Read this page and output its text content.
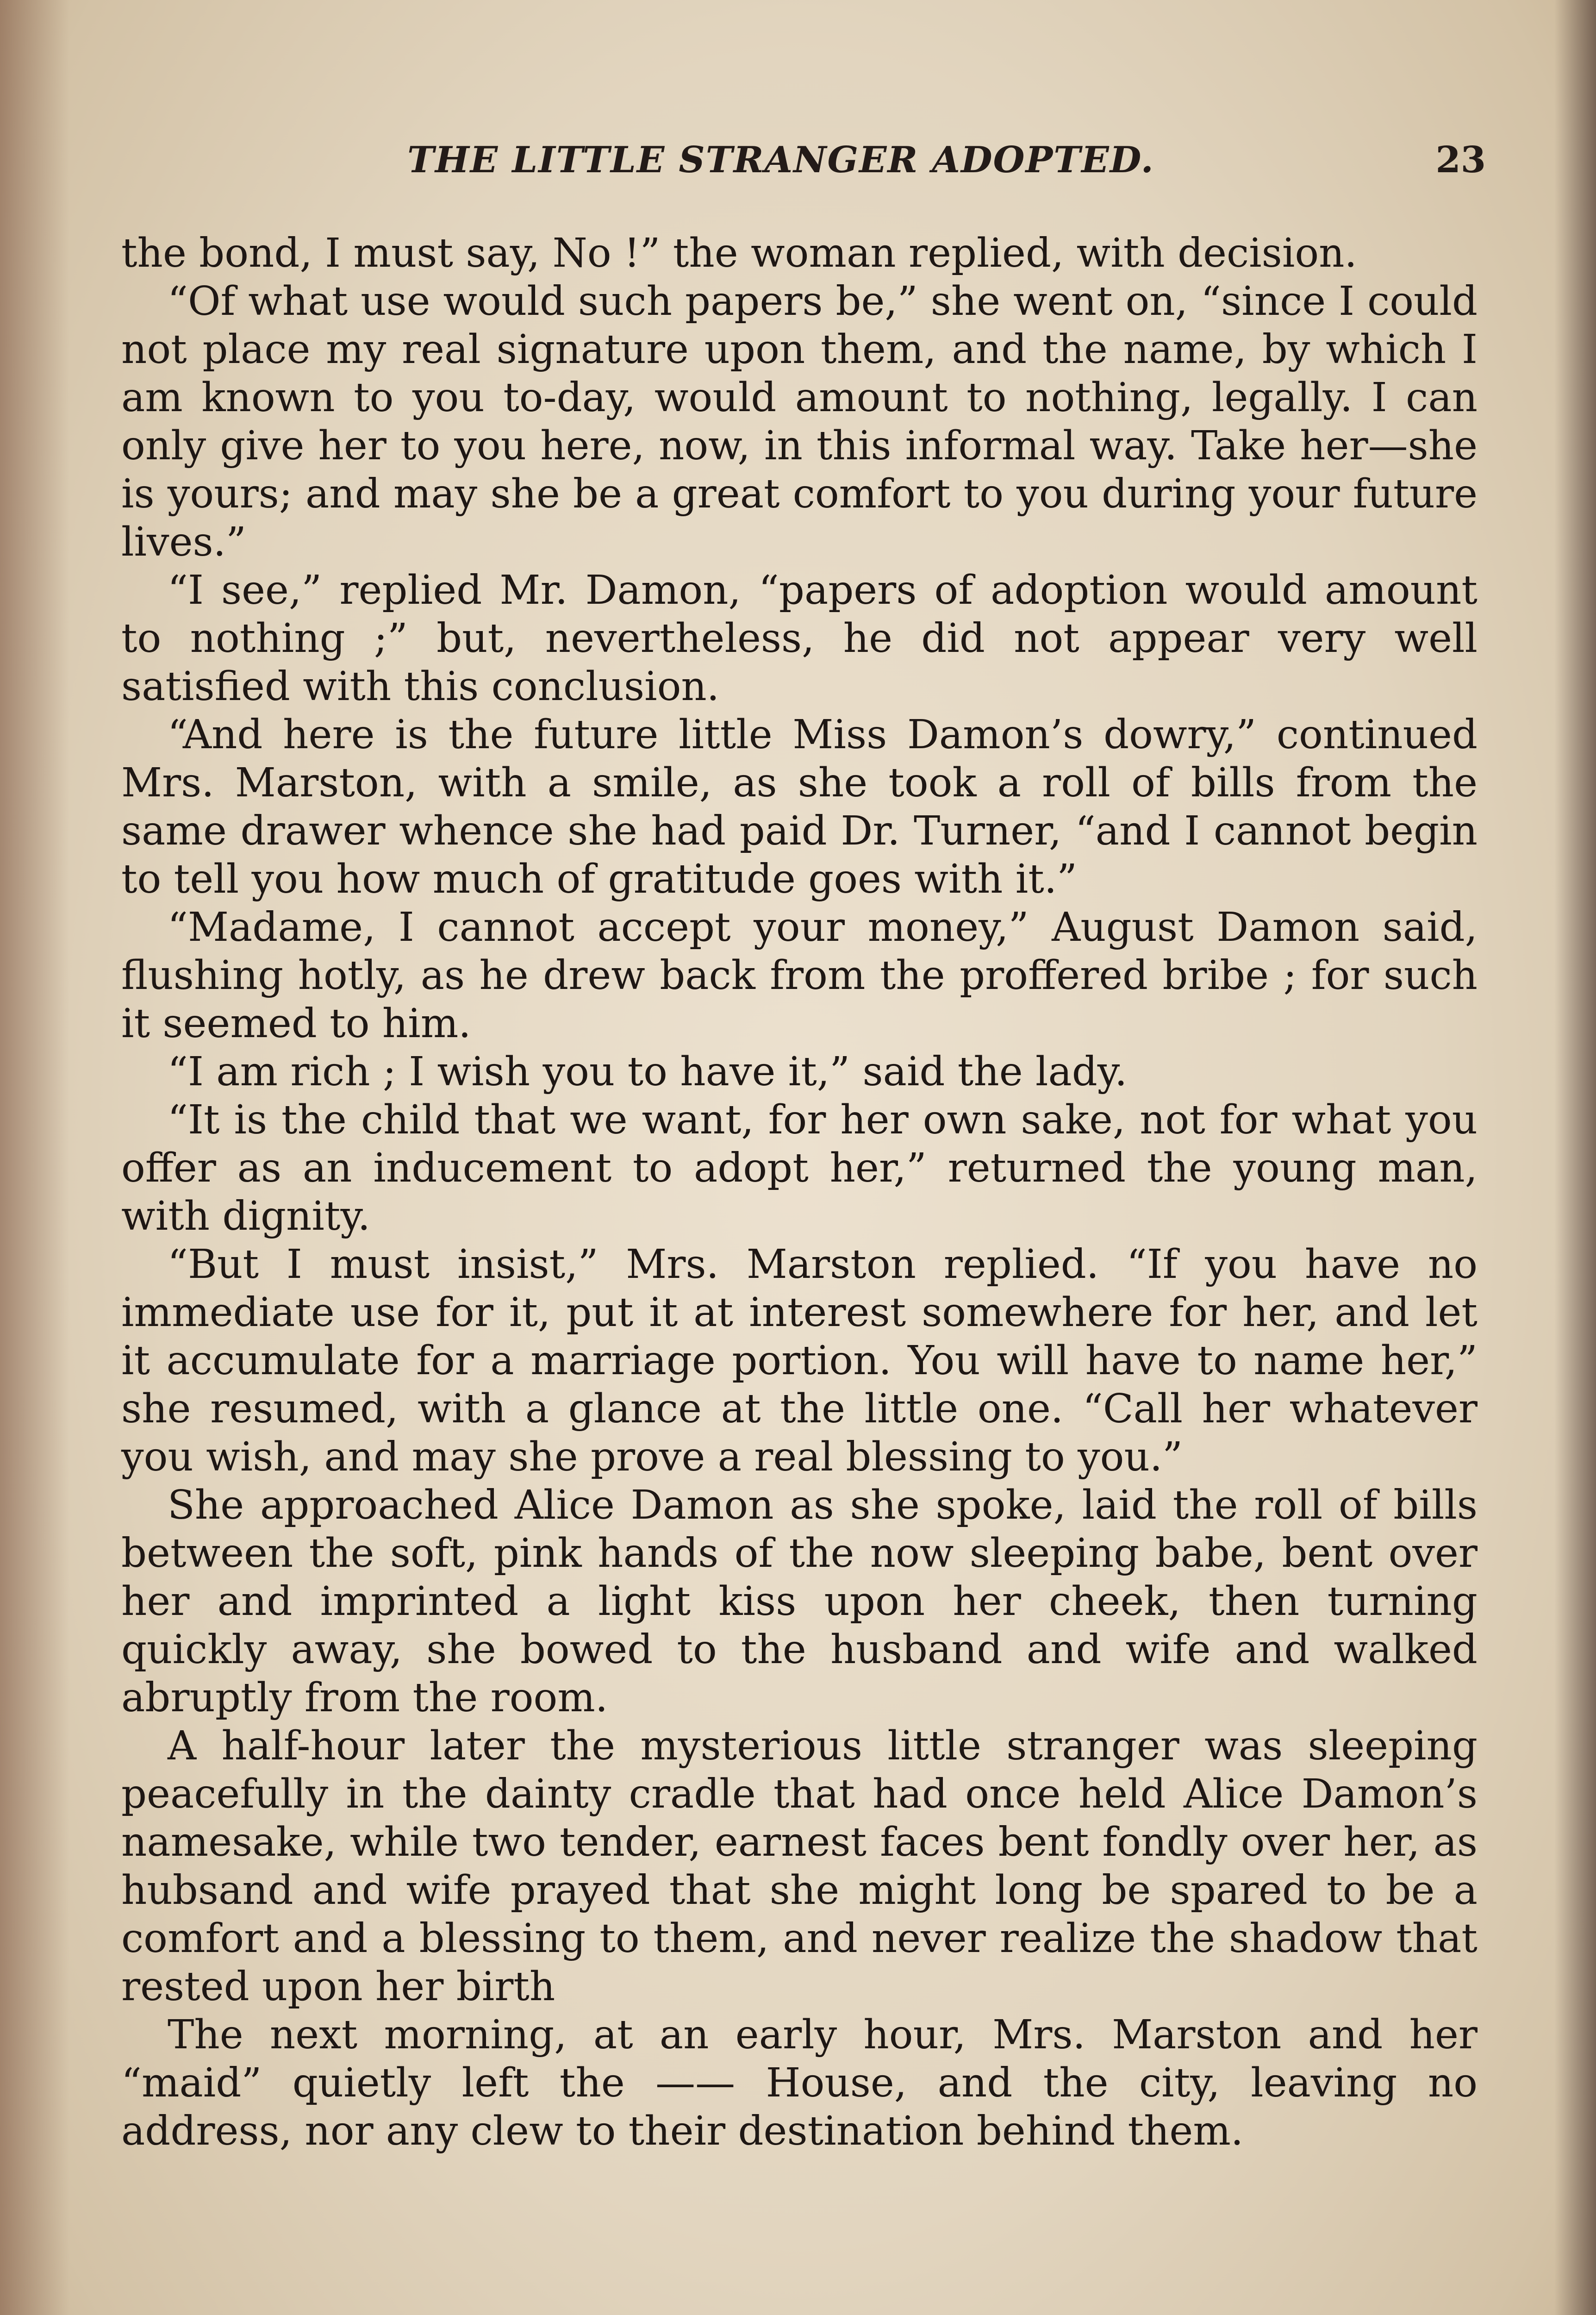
THE LITTLE STRANGER ADOPTED.	23

the bond, I must say, No !” the woman replied, with decision.

“Of what use would such papers be,” she went on, “since I could not place my real signature upon them, and the name, by which I am known to you to-day, would amount to nothing, legally. I can only give her to you here, now, in this informal way. Take her—she is yours; and may she be a great comfort to you during your future lives.”

“I see,” replied Mr. Damon, “papers of adoption would amount to nothing ;” but, nevertheless, he did not appear very well satisfied with this conclusion.

“And here is the future little Miss Damon’s dowry,” continued Mrs. Marston, with a smile, as she took a roll of bills from the same drawer whence she had paid Dr. Turner, “and I cannot begin to tell you how much of gratitude goes with it.”

“Madame, I cannot accept your money,” August Damon said, flushing hotly, as he drew back from the proffered bribe ; for such it seemed to him.

“I am rich ; I wish you to have it,” said the lady.

“It is the child that we want, for her own sake, not for what you offer as an inducement to adopt her,” returned the young man, with dignity.

“But I must insist,” Mrs. Marston replied. “If you have no immediate use for it, put it at interest somewhere for her, and let it accumulate for a marriage portion. You will have to name her,” she resumed, with a glance at the little one. “Call her whatever you wish, and may she prove a real blessing to you.”

She approached Alice Damon as she spoke, laid the roll of bills between the soft, pink hands of the now sleeping babe, bent over her and imprinted a light kiss upon her cheek, then turning quickly away, she bowed to the husband and wife and walked abruptly from the room.

A half-hour later the mysterious little stranger was sleeping peacefully in the dainty cradle that had once held Alice Damon’s namesake, while two tender, earnest faces bent fondly over her, as hubsand and wife prayed that she might long be spared to be a comfort and a blessing to them, and never realize the shadow that rested upon her birth

The next morning, at an early hour, Mrs. Marston and her “maid” quietly left the —— House, and the city, leaving no address, nor any clew to their destination behind them.
